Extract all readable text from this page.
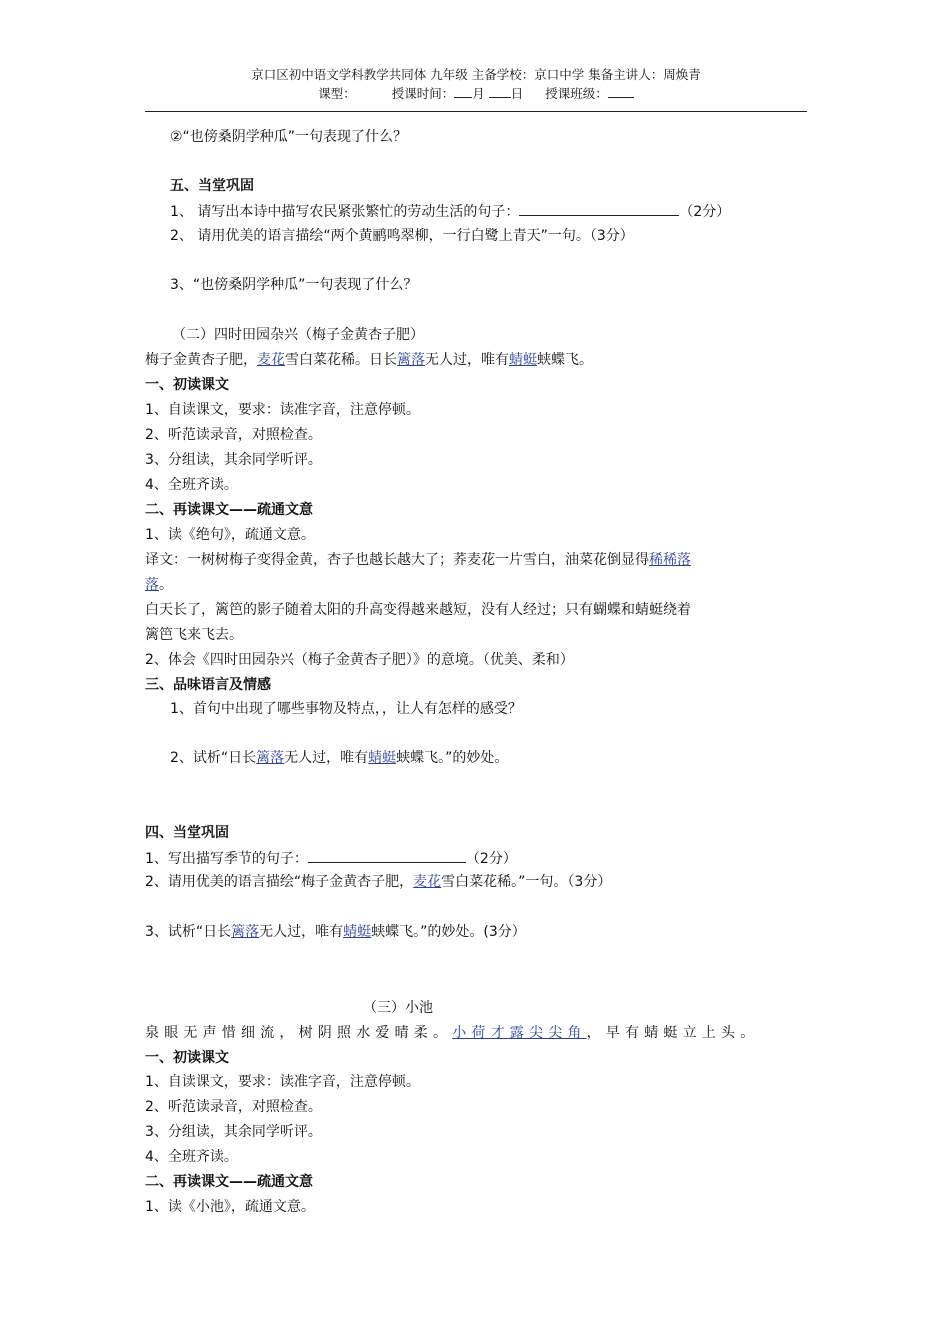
京口区初中语文学科教学共同体 九年级 主备学校：京口中学 集备主讲人：周焕青
课型：	授课时间： 月 日 授课班级：
②“也傍桑阴学种瓜”一句表现了什么？
五、当堂巩固
1、 请写出本诗中描写农民紧张繁忙的劳动生活的句子：	（2分）
2、 请用优美的语言描绘“两个黄鹂鸣翠柳，一行白鹭上青天”一句。（3分）
3、“也傍桑阴学种瓜”一句表现了什么？
（二）四时田园杂兴（梅子金黄杏子肥）
梅子金黄杏子肥，麦花雪白菜花稀。日长篱落无人过，唯有蜻蜓蛱蝶飞。
一、初读课文
1、自读课文，要求：读准字音，注意停顿。
2、听范读录音，对照检查。
3、分组读，其余同学听评。
4、全班齐读。
二、再读课文——疏通文意
1、读《绝句》，疏通文意。
译文：一树树梅子变得金黄，杏子也越长越大了；荞麦花一片雪白，油菜花倒显得稀稀落
落。
白天长了，篱笆的影子随着太阳的升高变得越来越短，没有人经过；只有蝴蝶和蜻蜓绕着
篱笆飞来飞去。
2、体会《四时田园杂兴（梅子金黄杏子肥）》的意境。（优美、柔和）
三、品味语言及情感
1、首句中出现了哪些事物及特点，，让人有怎样的感受？
2、试析“日长篱落无人过，唯有蜻蜓蛱蝶飞。”的妙处。
四、当堂巩固
1、写出描写季节的句子：	（2分）
2、请用优美的语言描绘“梅子金黄杏子肥，麦花雪白菜花稀。”一句。（3分）
3、试析“日长篱落无人过，唯有蜻蜓蛱蝶飞。”的妙处。(3分）
（三）小池
泉眼无声惜细流，树阴照水爱晴柔。小荷才露尖尖角，早有蜻蜓立上头。
一、初读课文
1、自读课文，要求：读准字音，注意停顿。
2、听范读录音，对照检查。
3、分组读，其余同学听评。
4、全班齐读。
二、再读课文——疏通文意
1、读《小池》，疏通文意。
